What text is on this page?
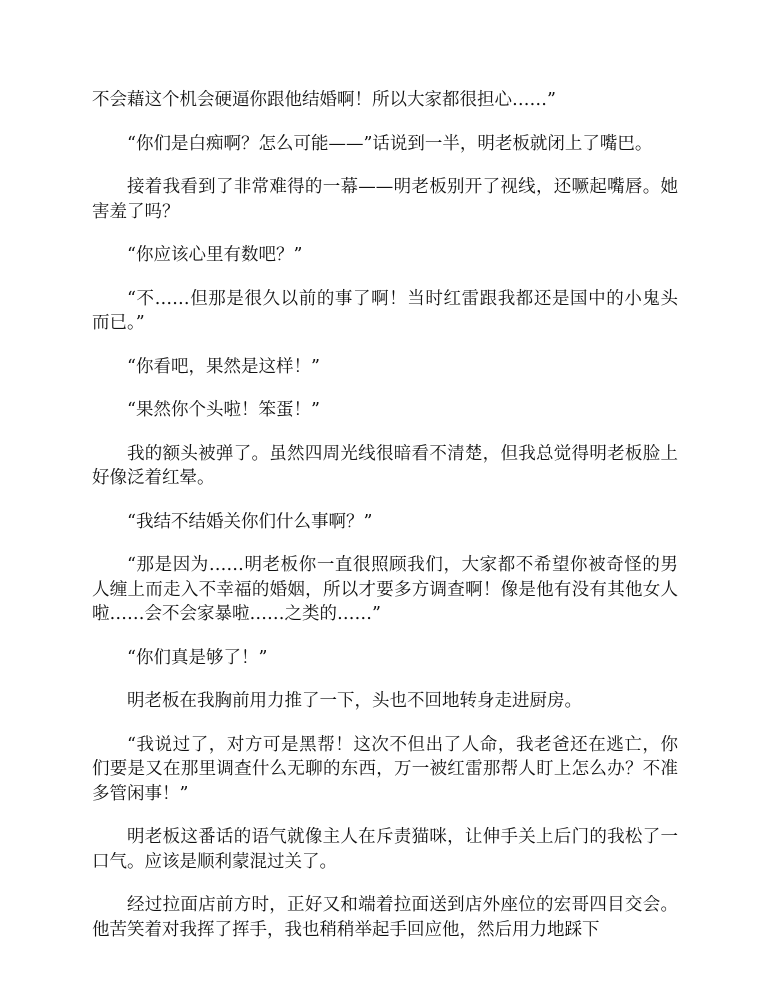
不会藉这个机会硬逼你跟他结婚啊！所以大家都很担心……”

“你们是白痴啊？怎么可能——”话说到一半，明老板就闭上了嘴巴。

接着我看到了非常难得的一幕——明老板别开了视线，还噘起嘴唇。她害羞了吗？

“你应该心里有数吧？”

“不……但那是很久以前的事了啊！当时红雷跟我都还是国中的小鬼头而已。”

“你看吧，果然是这样！”

“果然你个头啦！笨蛋！”

我的额头被弹了。虽然四周光线很暗看不清楚，但我总觉得明老板脸上好像泛着红晕。

“我结不结婚关你们什么事啊？”

“那是因为……明老板你一直很照顾我们，大家都不希望你被奇怪的男人缠上而走入不幸福的婚姻，所以才要多方调查啊！像是他有没有其他女人啦……会不会家暴啦……之类的……”

“你们真是够了！”

明老板在我胸前用力推了一下，头也不回地转身走进厨房。

“我说过了，对方可是黑帮！这次不但出了人命，我老爸还在逃亡，你们要是又在那里调查什么无聊的东西，万一被红雷那帮人盯上怎么办？不准多管闲事！”

明老板这番话的语气就像主人在斥责猫咪，让伸手关上后门的我松了一口气。应该是顺利蒙混过关了。

经过拉面店前方时，正好又和端着拉面送到店外座位的宏哥四目交会。他苦笑着对我挥了挥手，我也稍稍举起手回应他，然后用力地踩下
